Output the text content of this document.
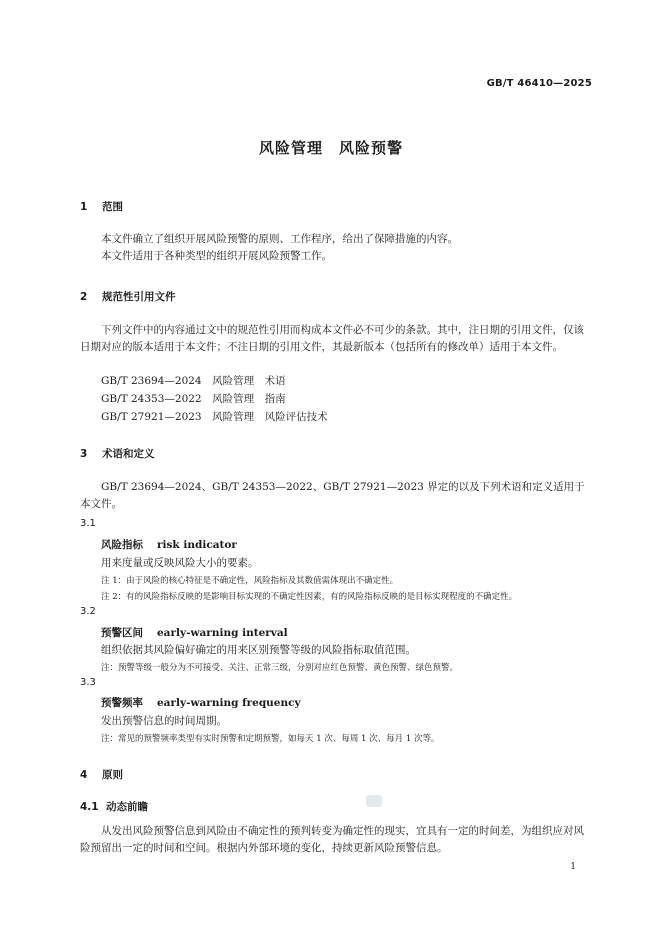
GB/T 46410—2025
风险管理　风险预警
1 范围

本文件确立了组织开展风险预警的原则、工作程序，给出了保障措施的内容。

本文件适用于各种类型的组织开展风险预警工作。

2 规范性引用文件

下列文件中的内容通过文中的规范性引用而构成本文件必不可少的条款。其中，注日期的引用文件，仅该日期对应的版本适用于本文件；不注日期的引用文件，其最新版本（包括所有的修改单）适用于本文件。

GB/T 23694—2024　风险管理　术语
GB/T 24353—2022　风险管理　指南
GB/T 27921—2023　风险管理　风险评估技术
3 术语和定义

GB/T 23694—2024、GB/T 24353—2022、GB/T 27921—2023 界定的以及下列术语和定义适用于本文件。

3.1
风险指标 risk indicator
用来度量或反映风险大小的要素。
注 1：由于风险的核心特征是不确定性，风险指标及其数值需体现出不确定性。
注 2：有的风险指标反映的是影响目标实现的不确定性因素，有的风险指标反映的是目标实现程度的不确定性。
3.2
预警区间 early-warning interval
组织依据其风险偏好确定的用来区别预警等级的风险指标取值范围。
注：预警等级一般分为不可接受、关注、正常三级，分别对应红色预警、黄色预警、绿色预警。
3.3
预警频率 early-warning frequency
发出预警信息的时间周期。
注：常见的预警频率类型有实时预警和定期预警，如每天 1 次、每周 1 次、每月 1 次等。
4 原则
4.1 动态前瞻

从发出风险预警信息到风险由不确定性的预判转变为确定性的现实，宜具有一定的时间差，为组织应对风险预留出一定的时间和空间。根据内外部环境的变化，持续更新风险预警信息。

1
